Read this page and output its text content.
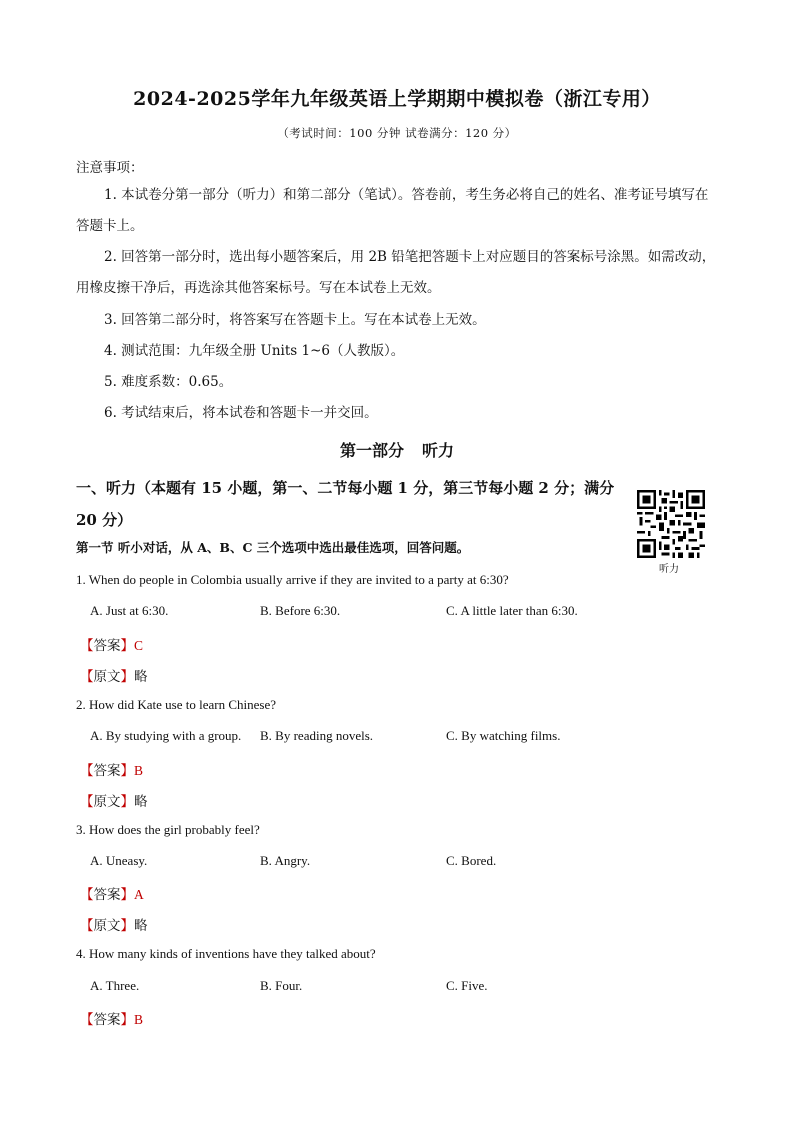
2024-2025学年九年级英语上学期期中模拟卷（浙江专用）
（考试时间：100 分钟 试卷满分：120 分）
注意事项：
1. 本试卷分第一部分（听力）和第二部分（笔试）。答卷前，考生务必将自己的姓名、准考证号填写在答题卡上。
2. 回答第一部分时，选出每小题答案后，用 2B 铅笔把答题卡上对应题目的答案标号涂黑。如需改动，用橡皮擦干净后，再选涂其他答案标号。写在本试卷上无效。
3. 回答第二部分时，将答案写在答题卡上。写在本试卷上无效。
4. 测试范围：九年级全册 Units 1~6（人教版）。
5. 难度系数：0.65。
6. 考试结束后，将本试卷和答题卡一并交回。
第一部分 听力
一、听力（本题有 15 小题，第一、二节每小题 1 分，第三节每小题 2 分；满分 20 分）
听力
第一节 听小对话，从 A、B、C 三个选项中选出最佳选项，回答问题。
1. When do people in Colombia usually arrive if they are invited to a party at 6:30?
A. Just at 6:30.	B. Before 6:30.	C. A little later than 6:30.
【答案】C
【原文】略
2. How did Kate use to learn Chinese?
A. By studying with a group. B. By reading novels.	C. By watching films.
【答案】B
【原文】略
3. How does the girl probably feel?
A. Uneasy.	B. Angry.	C. Bored.
【答案】A
【原文】略
4. How many kinds of inventions have they talked about?
A. Three.	B. Four.	C. Five.
【答案】B
